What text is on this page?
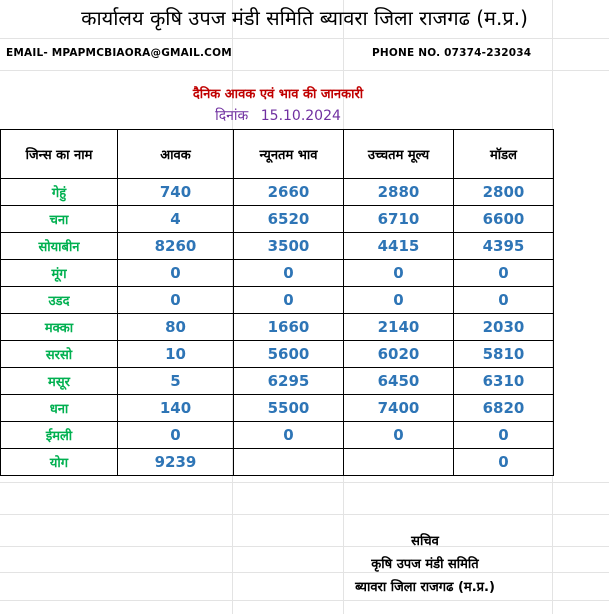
कार्यालय कृषि उपज मंडी समिति ब्यावरा जिला राजगढ (म.प्र.)
EMAIL- MPAPMCBIAORA@GMAIL.COM	PHONE NO. 07374-232034
दैनिक आवक एवं भाव की जानकारी
दिनांक 15.10.2024
जिन्स का नाम	आवक	न्यूनतम भाव	उच्चतम मूल्य	मॉडल
गेहुं	740	2660	2880	2800
चना	4	6520	6710	6600
सोयाबीन	8260	3500	4415	4395
मूंग	0	0	0	0
उडद	0	0	0	0
मक्का	80	1660	2140	2030
सरसो	10	5600	6020	5810
मसूर	5	6295	6450	6310
धना	140	5500	7400	6820
ईमली	0	0	0	0
योग	9239			0
सचिव
कृषि उपज मंडी समिति
ब्यावरा जिला राजगढ (म.प्र.)
